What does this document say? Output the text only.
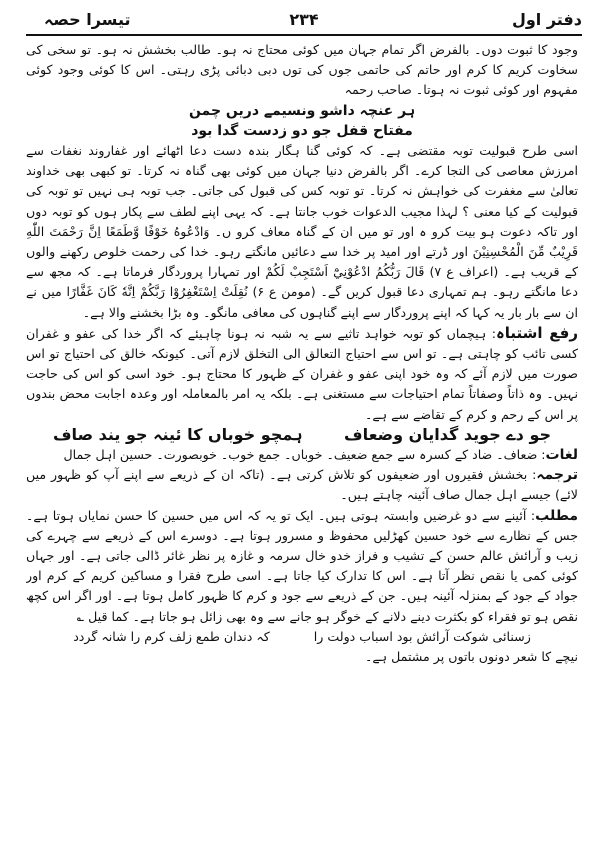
دفتر اول
۲۳۴
تیسرا حصہ

وجود کا ثبوت دوں۔ بالفرض اگر تمام جہان میں کوئی محتاج نہ ہو۔ طالب بخشش نہ ہو۔ تو سخی کی سخاوت کریم کا کرم اور حاتم کی حاتمی جوں کی توں دبی دبائی پڑی رہتی۔ اس کا کوئی وجود کوئی مفہوم اور کوئی ثبوت نہ ہوتا۔ صاحب رحمہ

ہر عنچہ داشو ونسیمے دریں چمن مفتاح قفل جو دو زدست گدا بود

اسی طرح قبولیت توبہ مقتضی ہے۔ کہ کوئی گنا ہگار بندہ دست دعا اٹھائے اور غفاروند نغفات سے امرزش معاصی کی التجا کرے۔ اگر بالفرض دنیا جہان میں کوئی بھی گناہ نہ کرتا۔ تو کبھی بھی خداوند تعالیٰ سے مغفرت کی خواہش نہ کرتا۔ تو توبہ کس کی قبول کی جاتی۔ جب توبہ ہی نہیں تو توبہ کی قبولیت کے کیا معنی ؟ لہذا مجیب الدعوات خوب جانتا ہے۔ کہ یہی اپنے لطف سے پکار ہوں کو توبہ دوں اور تاکہ دعوت ہو بیت کرو ہ اور تو میں ان کے گناہ معاف کرو ں۔ وَادْعُوهُ خَوْفًا وَّطَمَعًا اِنَّ رَحْمَتَ اللّٰهِ قَرِيْبٌ مِّنَ الْمُحْسِنِيْنَ اور ڈرتے اور امید پر خدا سے دعائیں مانگتے رہو۔ خدا کی رحمت خلوص رکھنے والوں کے قریب ہے۔ (اعراف ع ۷) قَالَ رَبُّكُمُ ادْعُوْنِيْٓ اَسْتَجِبْ لَكُمْ اور تمہارا پروردگار فرماتا ہے۔ کہ مجھ سے دعا مانگتے رہو۔ ہم تمہاری دعا قبول کریں گے۔ (مومن ع ۶) نُقِلَتْ اِسْتَغْفِرُوْا رَبَّكُمْ اِنَّهٗ كَانَ غَفَّارًا میں نے ان سے بار بار یہ کہا کہ اپنے پروردگار سے اپنے گناہوں کی معافی مانگو۔ وہ بڑا بخشنے والا ہے۔

رفع اشتباہ: ہیچماں کو توبہ خواہد تاثیے سے یہ شبہ نہ ہونا چاہیئے کہ اگر خدا کی عفو و غفران کسی تائب کو چاہتی ہے۔ تو اس سے احتیاج التعالق الی التخلق لازم آتی۔ کیونکہ خالق کی احتیاج تو اس صورت میں لازم آئے کہ وہ خود اپنی عفو و غفران کے ظہور کا محتاج ہو۔ خود اسی کو اس کی حاجت نہیں۔ وہ ذاتاً وصفاتاً تمام احتیاجات سے مستغنی ہے۔ بلکہ یہ امر بالمعاملہ اور وعدہ اجابت محض بندوں پر اس کے رحم و کرم کے تقاضے سے ہے۔

جو دے جوید گدایان وضعاف ہمچو خوباں کا ئینہ جو یند صاف

لغات: ضعاف۔ ضاد کے کسرہ سے جمع ضعیف۔ خوباں۔ جمع خوب۔ خوبصورت۔ حسین اہل جمال

ترجمہ: بخشش فقیروں اور ضعیفوں کو تلاش کرتی ہے۔ (تاکہ ان کے ذریعے سے اپنے آپ کو ظہور میں لائے) جیسے اہل جمال صاف آئینہ چاہتے ہیں۔

مطلب: آئینے سے دو غرضیں وابستہ ہوتی ہیں۔ ایک تو یہ کہ اس میں حسین کا حسن نمایاں ہوتا ہے۔ جس کے نظارے سے خود حسین کھڑلیں محفوظ و مسرور ہوتا ہے۔ دوسرے اس کے ذریعے سے چہرے کی زیب و آرائش عالم حسن کے تشیب و فراز خدو خال سرمہ و غازہ پر نظر غائر ڈالی جاتی ہے۔ اور جہاں کوئی کمی یا نقص نظر آتا ہے۔ اس کا تدارک کیا جاتا ہے۔ اسی طرح فقرا و مساکین کریم کے کرم اور جواد کے جود کے بمنزلہ آئینہ ہیں۔ جن کے ذریعے سے جود و کرم کا ظہور کامل ہوتا ہے۔ اور اگر اس کچھ نقص ہو تو فقراء کو بکثرت دینے دلانے کے خوگر ہو جانے سے وہ بھی زائل ہو جاتا ہے۔ کما قیل ؎

زسنائی شوکت آرائش بود اسباب دولت را کہ دندان طمع زلف کرم را شانہ گردد

نیچے کا شعر دونوں باتوں پر مشتمل ہے۔
